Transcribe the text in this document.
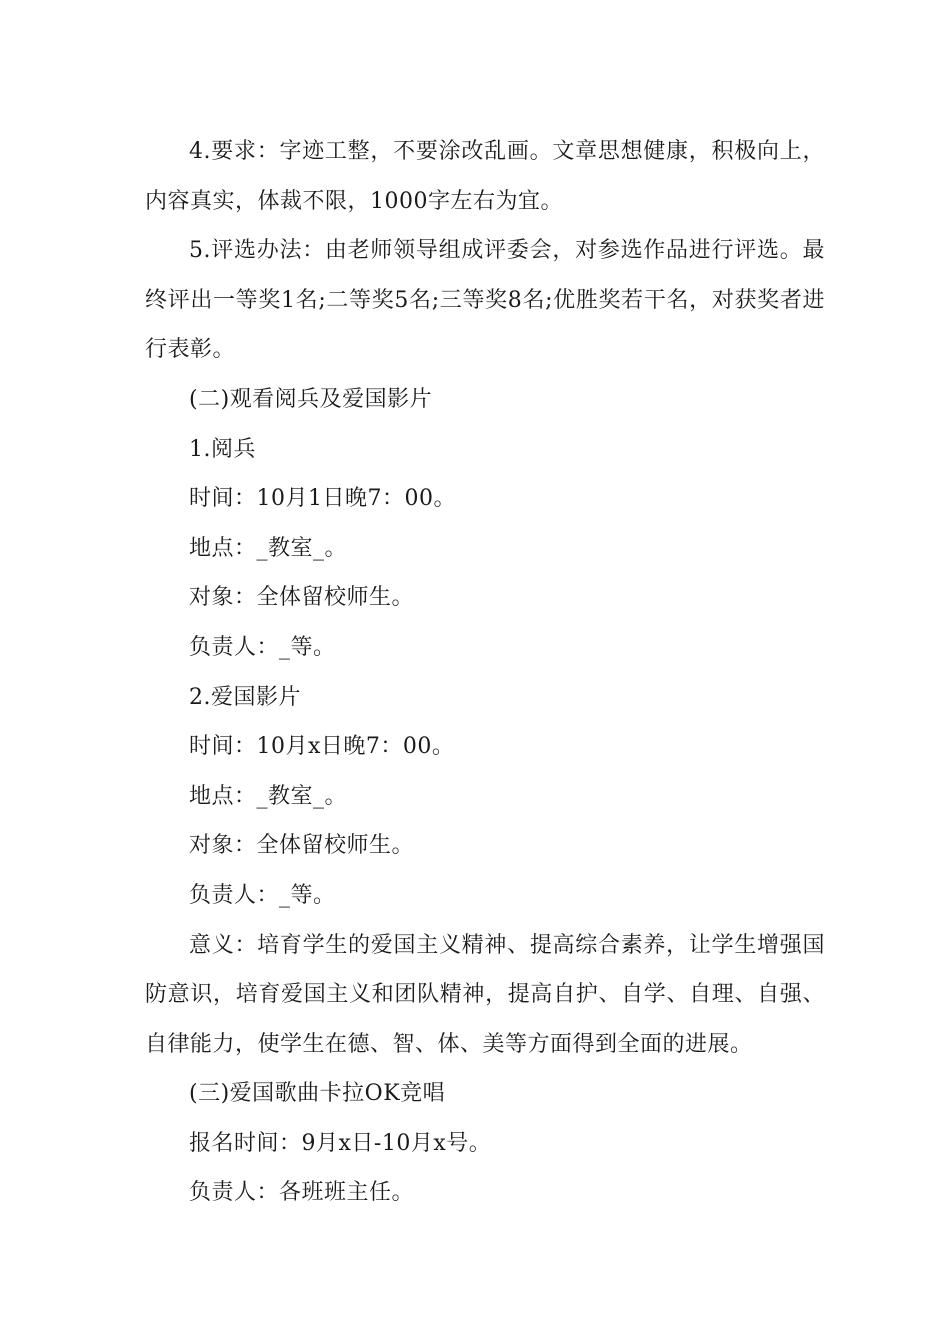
4.要求：字迹工整，不要涂改乱画。文章思想健康，积极向上，内容真实，体裁不限，1000字左右为宜。

5.评选办法：由老师领导组成评委会，对参选作品进行评选。最终评出一等奖1名;二等奖5名;三等奖8名;优胜奖若干名，对获奖者进行表彰。

(二)观看阅兵及爱国影片

1.阅兵

时间：10月1日晚7：00。

地点：_教室_。

对象：全体留校师生。

负责人：_等。

2.爱国影片

时间：10月x日晚7：00。

地点：_教室_。

对象：全体留校师生。

负责人：_等。

意义：培育学生的爱国主义精神、提高综合素养，让学生增强国防意识，培育爱国主义和团队精神，提高自护、自学、自理、自强、自律能力，使学生在德、智、体、美等方面得到全面的进展。

(三)爱国歌曲卡拉OK竞唱

报名时间：9月x日-10月x号。

负责人：各班班主任。
